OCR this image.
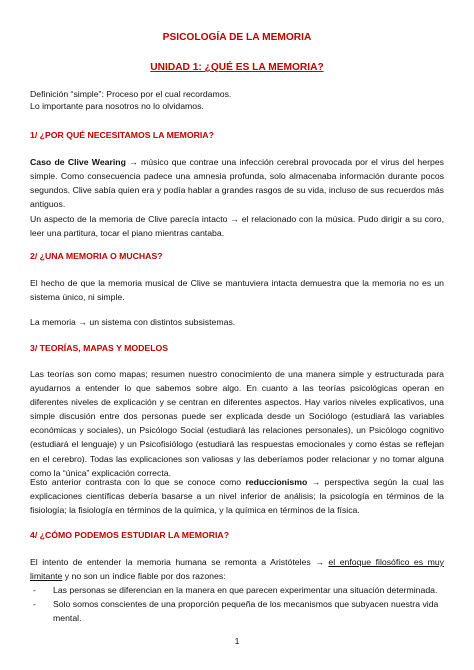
PSICOLOGÍA DE LA MEMORIA
UNIDAD 1: ¿QUÉ ES LA MEMORIA?
Definición “simple”: Proceso por el cual recordamos.
Lo importante para nosotros no lo olvidamos.
1/ ¿POR QUÉ NECESITAMOS LA MEMORIA?
Caso de Clive Wearing → músico que contrae una infección cerebral provocada por el virus del herpes simple. Como consecuencia padece una amnesia profunda, solo almacenaba información durante pocos segundos. Clive sabía quien era y podía hablar a grandes rasgos de su vida, incluso de sus recuerdos más antiguos.
Un aspecto de la memoria de Clive parecía intacto → el relacionado con la música. Pudo dirigir a su coro, leer una partitura, tocar el piano mientras cantaba.
2/ ¿UNA MEMORIA O MUCHAS?
El hecho de que la memoria musical de Clive se mantuviera intacta demuestra que la memoria no es un sistema único, ni simple.
La memoria → un sistema con distintos subsistemas.
3/ TEORÍAS, MAPAS Y MODELOS
Las teorías son como mapas; resumen nuestro conocimiento de una manera simple y estructurada para ayudarnos a entender lo que sabemos sobre algo. En cuanto a las teorías psicológicas operan en diferentes niveles de explicación y se centran en diferentes aspectos. Hay varios niveles explicativos, una simple discusión entre dos personas puede ser explicada desde un Sociólogo (estudiará las variables económicas y sociales), un Psicólogo Social (estudiará las relaciones personales), un Psicólogo cognitivo (estudiará el lenguaje) y un Psicofisiólogo (estudiará las respuestas emocionales y como éstas se reflejan en el cerebro). Todas las explicaciones son valiosas y las deberíamos poder relacionar y no tomar alguna como la “única” explicación correcta.
Esto anterior contrasta con lo que se conoce como reduccionismo → perspectiva según la cual las explicaciones científicas debería basarse a un nivel inferior de análisis; la psicología en términos de la fisiología; la fisiología en términos de la química, y la química en términos de la física.
4/ ¿CÓMO PODEMOS ESTUDIAR LA MEMORIA?
El intento de entender la memoria humana se remonta a Aristóteles → el enfoque filosófico es muy limitante y no son un índice fiable por dos razones:
- Las personas se diferencian en la manera en que parecen experimentar una situación determinada.
- Solo somos conscientes de una proporción pequeña de los mecanismos que subyacen nuestra vida mental.
1
